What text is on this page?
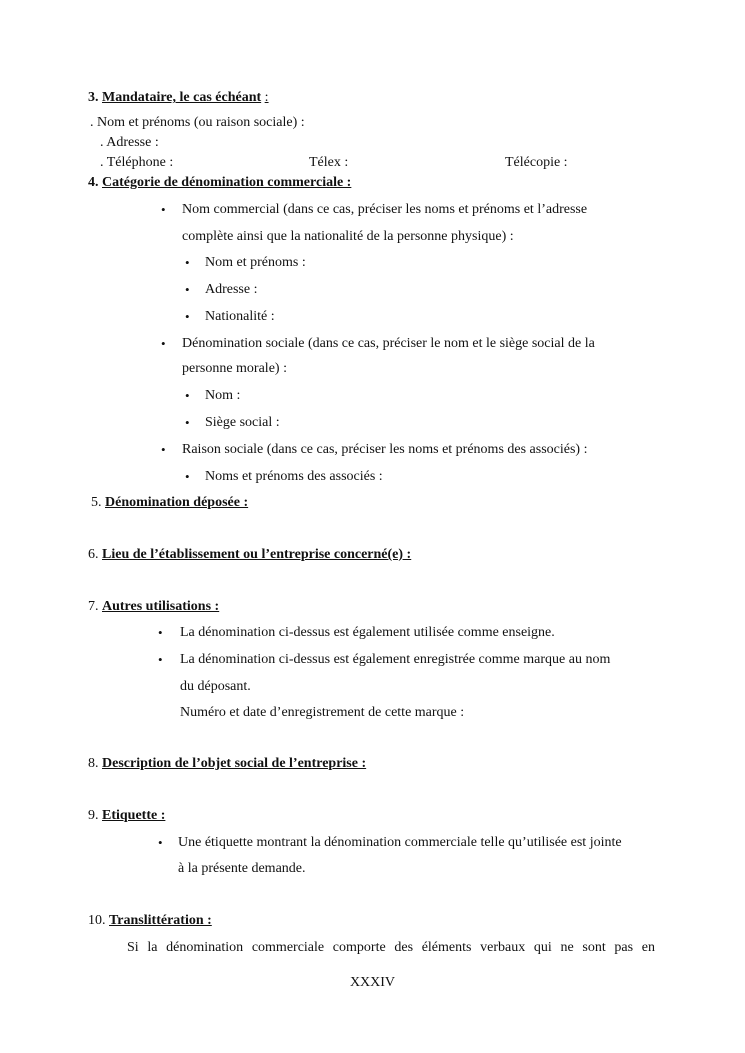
3. Mandataire, le cas échéant :
. Nom et prénoms (ou raison sociale) :
. Adresse :
. Téléphone :	Télex :	Télécopie :
4. Catégorie de dénomination commerciale :
• Nom commercial (dans ce cas, préciser les noms et prénoms et l’adresse
complète ainsi que la nationalité de la personne physique) :
• Nom et prénoms :
• Adresse :
• Nationalité :
• Dénomination sociale (dans ce cas, préciser le nom et le siège social de la
personne morale) :
• Nom :
• Siège social :
• Raison sociale (dans ce cas, préciser les noms et prénoms des associés) :
• Noms et prénoms des associés :
5. Dénomination déposée :
6. Lieu de l’établissement ou l’entreprise concerné(e) :
7. Autres utilisations :
• La dénomination ci-dessus est également utilisée comme enseigne.
• La dénomination ci-dessus est également enregistrée comme marque au nom
du déposant.
Numéro et date d’enregistrement de cette marque :
8. Description de l’objet social de l’entreprise :
9. Etiquette :
• Une étiquette montrant la dénomination commerciale telle qu’utilisée est jointe
à la présente demande.
10. Translittération :
Si la dénomination commerciale comporte des éléments verbaux qui ne sont pas en
XXXIV
